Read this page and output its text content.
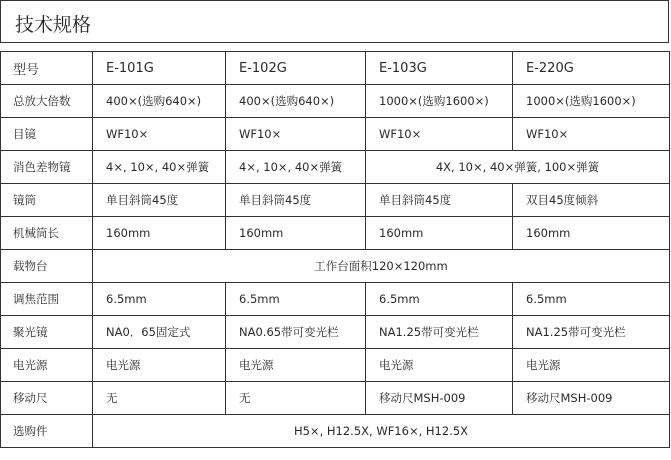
技术规格
型号	E-101G	E-102G	E-103G	E-220G
总放大倍数	400×(选购640×)	400×(选购640×)	1000×(选购1600×)	1000×(选购1600×)
目镜	WF10×	WF10×	WF10×	WF10×
消色差物镜	4×, 10×, 40×弹簧	4×, 10×, 40×弹簧	4X, 10×, 40×弹簧, 100×弹簧	
镜筒	单目斜筒45度	单目斜筒45度	单目斜筒45度	双目45度倾斜
机械筒长	160mm	160mm	160mm	160mm
载物台	工作台面积120×120mm			
调焦范围	6.5mm	6.5mm	6.5mm	6.5mm
聚光镜	NA0．65固定式	NA0.65带可变光栏	NA1.25带可变光栏	NA1.25带可变光栏
电光源	电光源	电光源	电光源	电光源
移动尺	无	无	移动尺MSH-009	移动尺MSH-009
选购件	H5×, H12.5X, WF16×, H12.5X			
